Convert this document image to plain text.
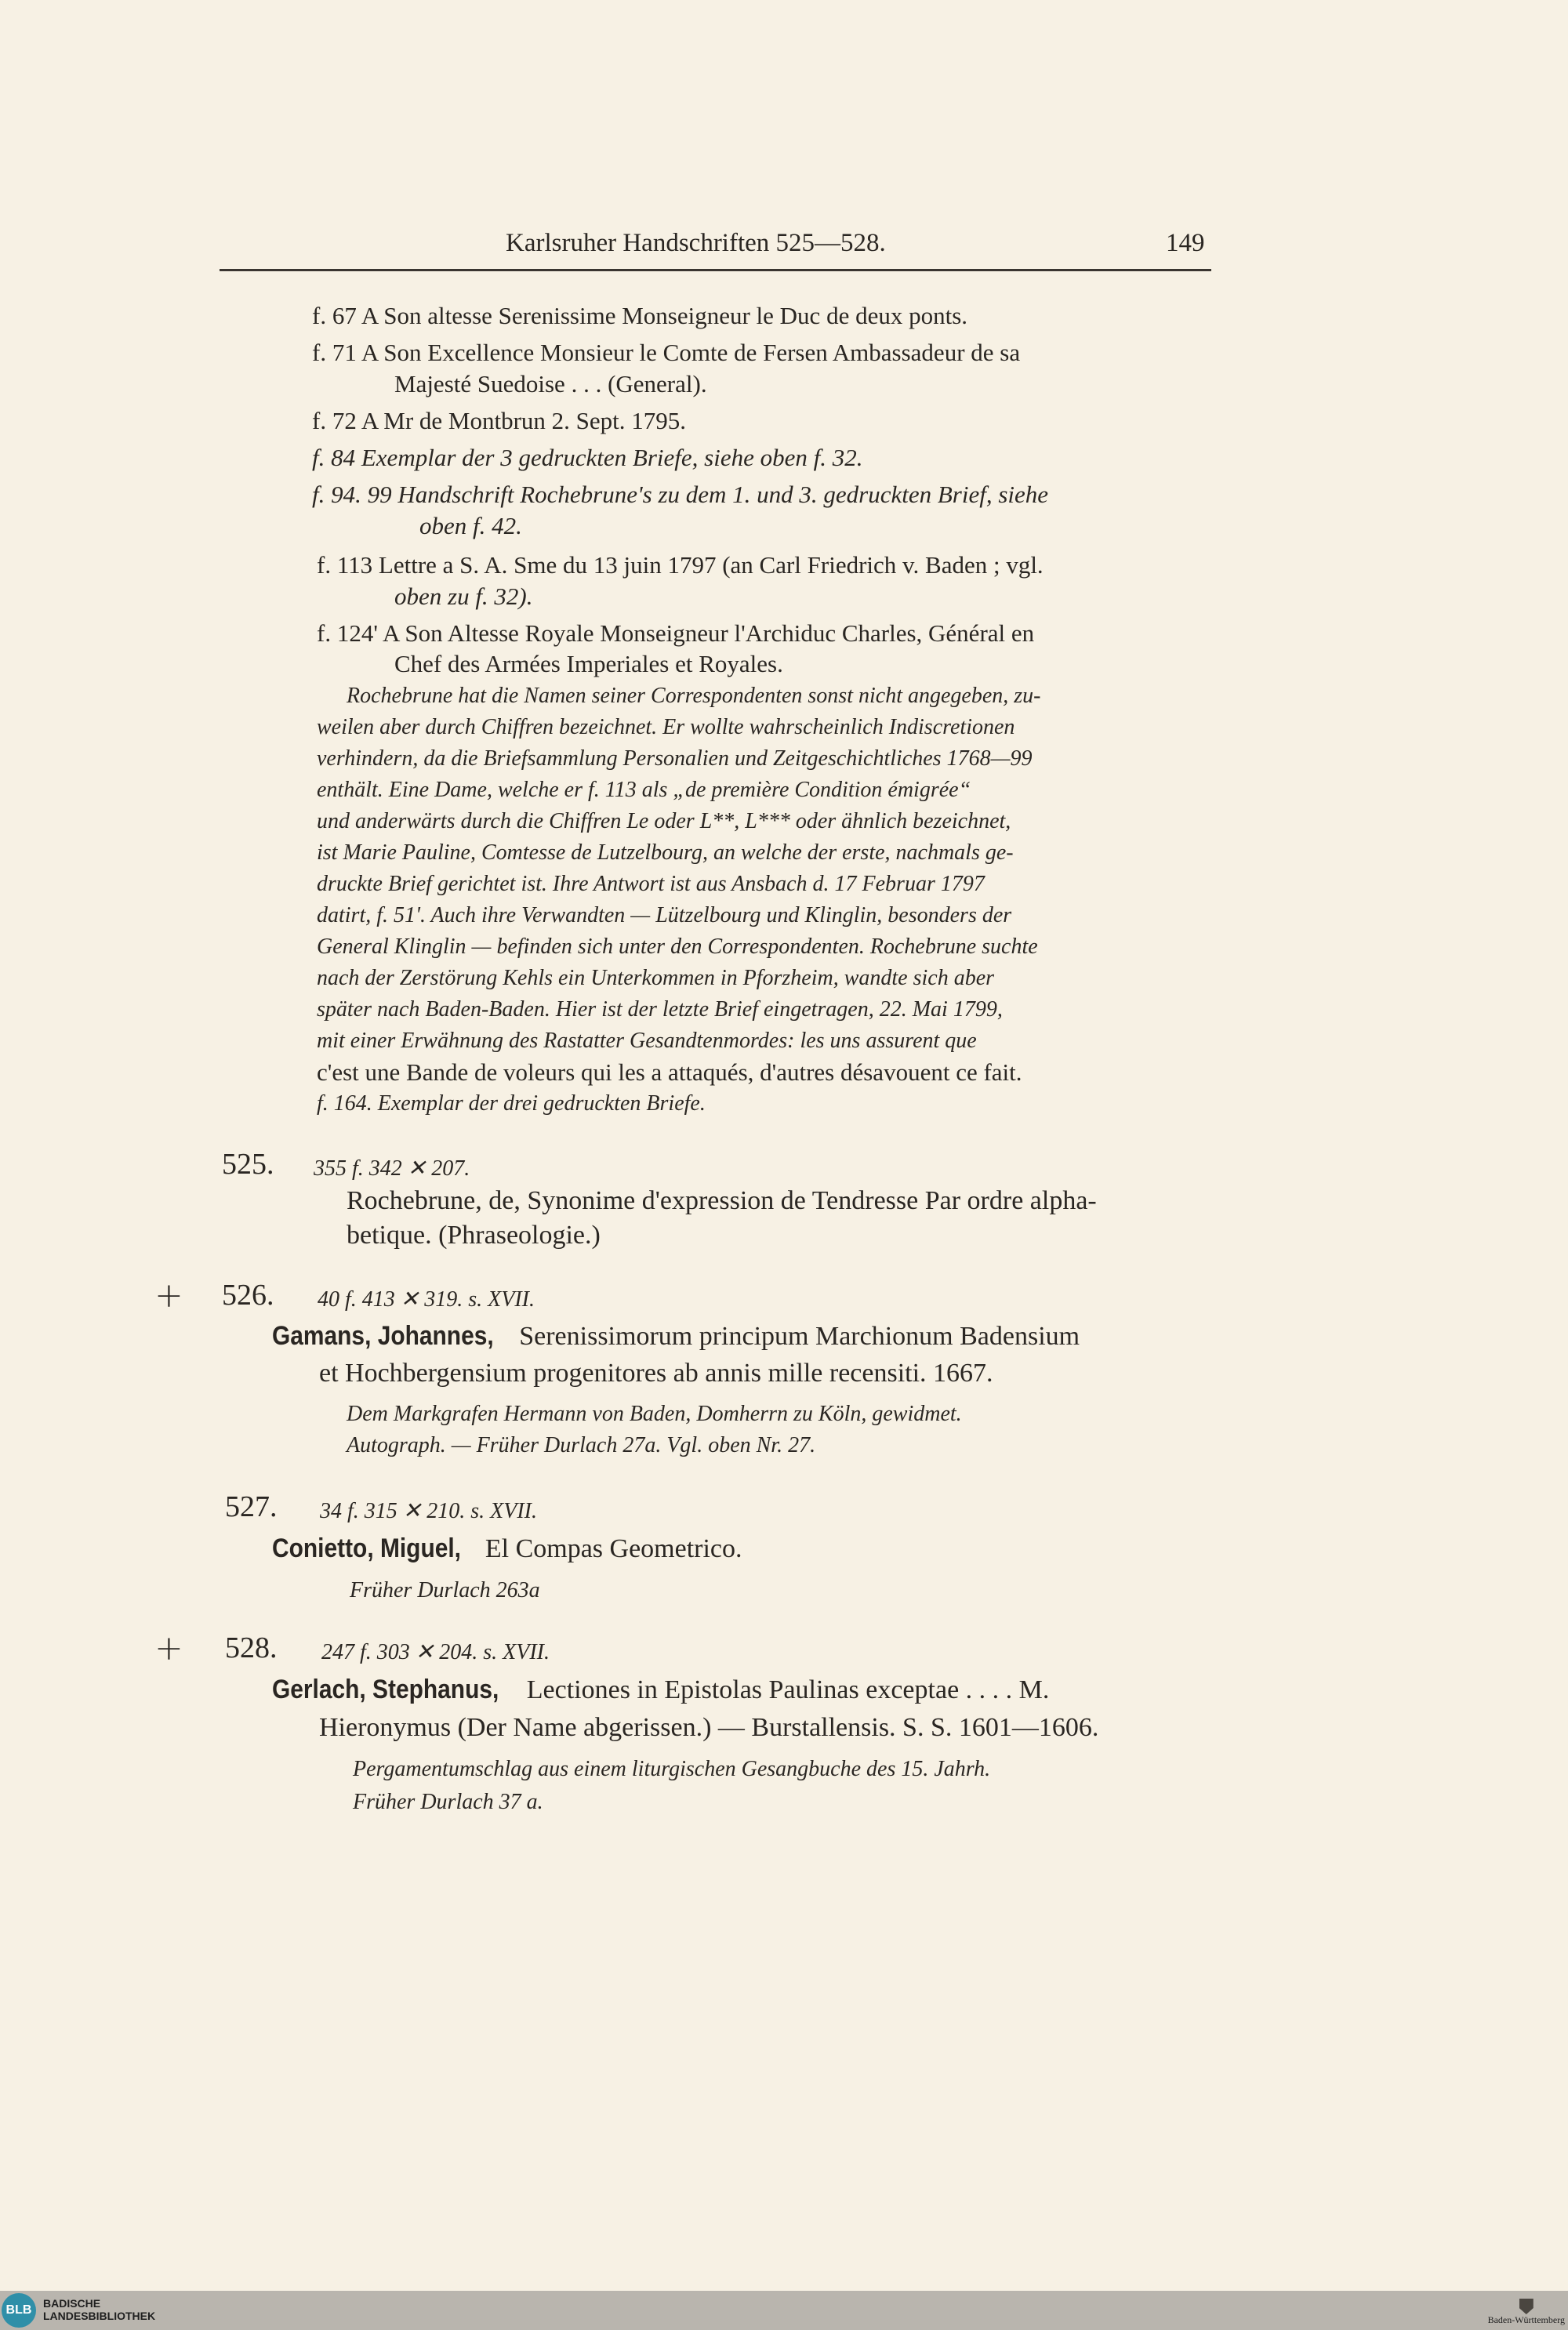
Karlsruher Handschriften 525—528.	149
f. 67 A Son altesse Serenissime Monseigneur le Duc de deux ponts.
f. 71 A Son Excellence Monsieur le Comte de Fersen Ambassadeur de sa
Majesté Suedoise . . . (General).
f. 72 A Mr de Montbrun 2. Sept. 1795.
f. 84 Exemplar der 3 gedruckten Briefe, siehe oben f. 32.
f. 94. 99 Handschrift Rochebrune's zu dem 1. und 3. gedruckten Brief, siehe
oben f. 42.
f. 113 Lettre a S. A. Sme du 13 juin 1797 (an Carl Friedrich v. Baden ; vgl.
oben zu f. 32).
f. 124' A Son Altesse Royale Monseigneur l'Archiduc Charles, Général en
Chef des Armées Imperiales et Royales.
Rochebrune hat die Namen seiner Correspondenten sonst nicht angegeben, zu-
weilen aber durch Chiffren bezeichnet. Er wollte wahrscheinlich Indiscretionen
verhindern, da die Briefsammlung Personalien und Zeitgeschichtliches 1768—99
enthält. Eine Dame, welche er f. 113 als „de première Condition émigrée“
und anderwärts durch die Chiffren Le oder L**, L*** oder ähnlich bezeichnet,
ist Marie Pauline, Comtesse de Lutzelbourg, an welche der erste, nachmals ge-
druckte Brief gerichtet ist. Ihre Antwort ist aus Ansbach d. 17 Februar 1797
datirt, f. 51'. Auch ihre Verwandten — Lützelbourg und Klinglin, besonders der
General Klinglin — befinden sich unter den Correspondenten. Rochebrune suchte
nach der Zerstörung Kehls ein Unterkommen in Pforzheim, wandte sich aber
später nach Baden-Baden. Hier ist der letzte Brief eingetragen, 22. Mai 1799,
mit einer Erwähnung des Rastatter Gesandtenmordes: les uns assurent que
c'est une Bande de voleurs qui les a attaqués, d'autres désavouent ce fait.
f. 164. Exemplar der drei gedruckten Briefe.
525. 355 f. 342 ✕ 207.
Rochebrune, de, Synonime d'expression de Tendresse Par ordre alpha-
betique. (Phraseologie.)
+ 526. 40 f. 413 ✕ 319. s. XVII.
Gamans, Johannes, Serenissimorum principum Marchionum Badensium
et Hochbergensium progenitores ab annis mille recensiti. 1667.
Dem Markgrafen Hermann von Baden, Domherrn zu Köln, gewidmet.
Autograph. — Früher Durlach 27a. Vgl. oben Nr. 27.
527. 34 f. 315 ✕ 210. s. XVII.
Conietto, Miguel, El Compas Geometrico.
Früher Durlach 263a
+ 528. 247 f. 303 ✕ 204. s. XVII.
Gerlach, Stephanus, Lectiones in Epistolas Paulinas exceptae . . . . M.
Hieronymus (Der Name abgerissen.) — Burstallensis. S. S. 1601—1606.
Pergamentumschlag aus einem liturgischen Gesangbuche des 15. Jahrh.
Früher Durlach 37 a.
BLB	BADISCHE
LANDESBIBLIOTHEK	Baden-Württemberg
